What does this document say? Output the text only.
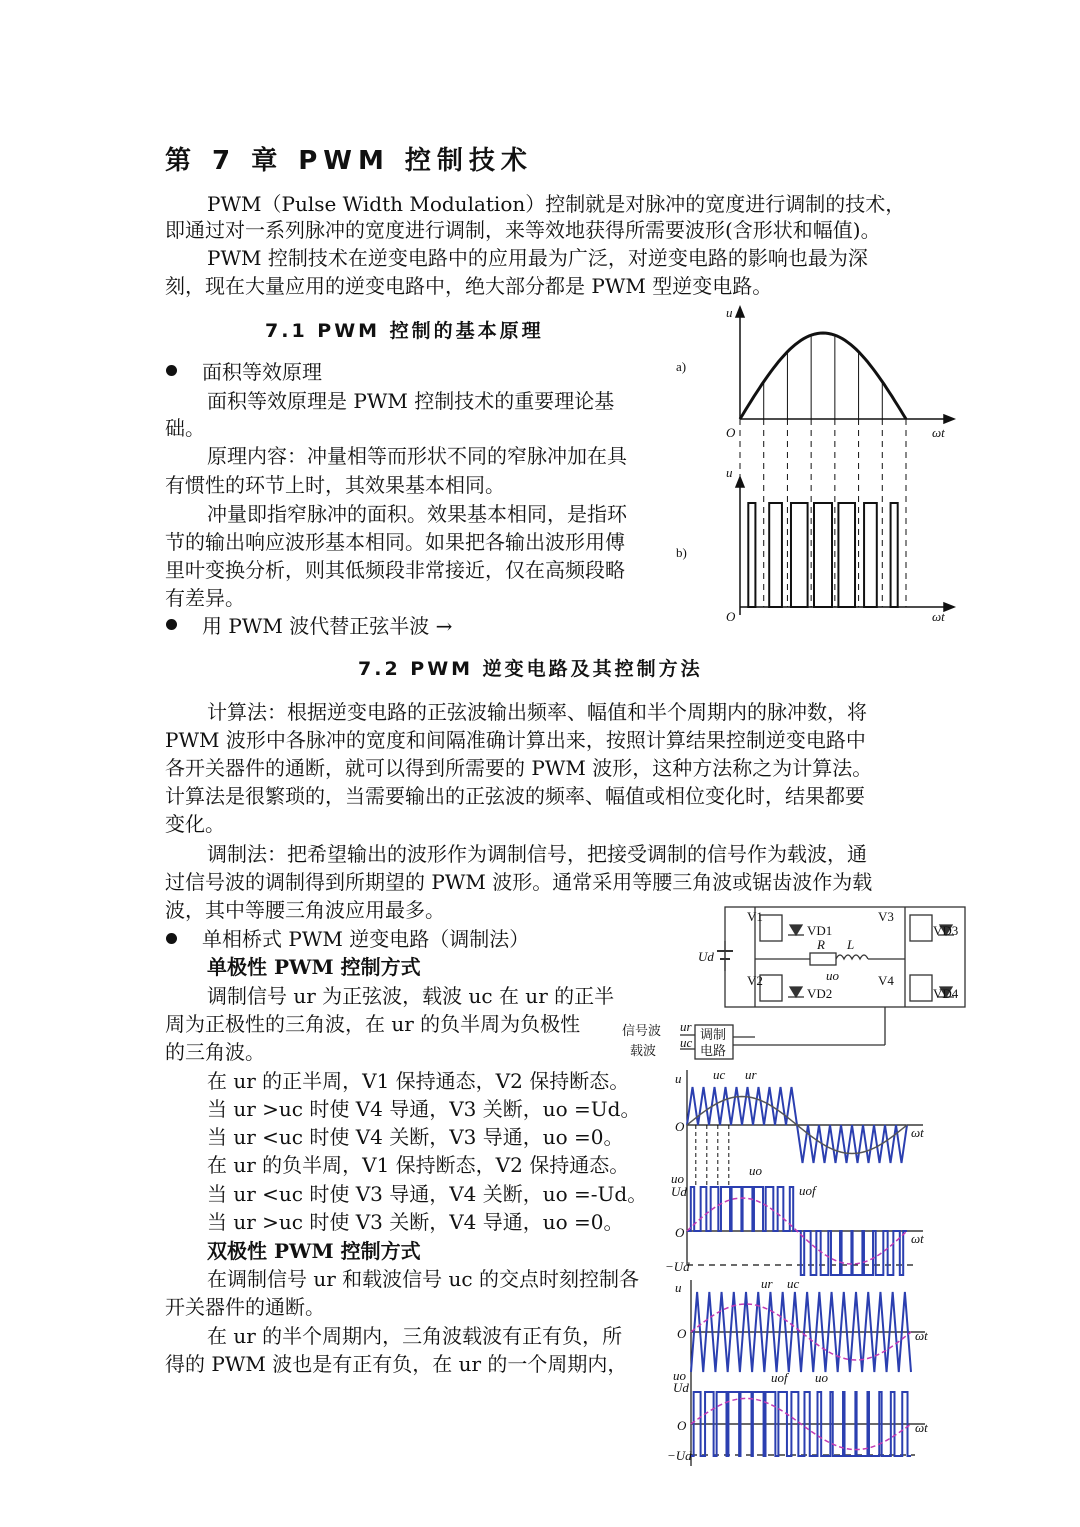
第 7 章 PWM 控制技术
PWM（Pulse Width Modulation）控制就是对脉冲的宽度进行调制的技术，
即通过对一系列脉冲的宽度进行调制，来等效地获得所需要波形(含形状和幅值)。
PWM 控制技术在逆变电路中的应用最为广泛，对逆变电路的影响也最为深
刻，现在大量应用的逆变电路中，绝大部分都是 PWM 型逆变电路。
7.1 PWM 控制的基本原理
面积等效原理
面积等效原理是 PWM 控制技术的重要理论基
础。
原理内容：冲量相等而形状不同的窄脉冲加在具
有惯性的环节上时，其效果基本相同。
冲量即指窄脉冲的面积。效果基本相同，是指环
节的输出响应波形基本相同。如果把各输出波形用傅
里叶变换分析，则其低频段非常接近，仅在高频段略
有差异。
用 PWM 波代替正弦半波 →
u
a)
O	ωt
u
b)
O	ωt
7.2 PWM 逆变电路及其控制方法
计算法：根据逆变电路的正弦波输出频率、幅值和半个周期内的脉冲数，将
PWM 波形中各脉冲的宽度和间隔准确计算出来，按照计算结果控制逆变电路中
各开关器件的通断，就可以得到所需要的 PWM 波形，这种方法称之为计算法。
计算法是很繁琐的，当需要输出的正弦波的频率、幅值或相位变化时，结果都要
变化。
调制法：把希望输出的波形作为调制信号，把接受调制的信号作为载波，通
过信号波的调制得到所期望的 PWM 波形。通常采用等腰三角波或锯齿波作为载
波，其中等腰三角波应用最多。
单相桥式 PWM 逆变电路（调制法）
单极性 PWM 控制方式
调制信号 ur 为正弦波，载波 uc 在 ur 的正半
周为正极性的三角波，在 ur 的负半周为负极性
的三角波。
在 ur 的正半周，V1 保持通态，V2 保持断态。
当 ur >uc 时使 V4 导通，V3 关断，uo =Ud。
当 ur <uc 时使 V4 关断，V3 导通，uo =0。
在 ur 的负半周，V1 保持断态，V2 保持通态。
当 ur <uc 时使 V3 导通，V4 关断，uo =-Ud。
当 ur >uc 时使 V3 关断，V4 导通，uo =0。
双极性 PWM 控制方式
在调制信号 ur 和载波信号 uc 的交点时刻控制各
开关器件的通断。
在 ur 的半个周期内，三角波载波有正有负，所
得的 PWM 波也是有正有负，在 ur 的一个周期内，
V1
V2
V3
V4
VD1
VD2
VD3
VD4
Ud
R L
uo
信号波
载波
ur
uc
调制
电路
u uc ur
O	ωt
uo
Ud
uo
uof
O	ωt
−Ud
u	ur uc
O	ωt
uo
Ud
uof uo
O	ωt
−Ud
